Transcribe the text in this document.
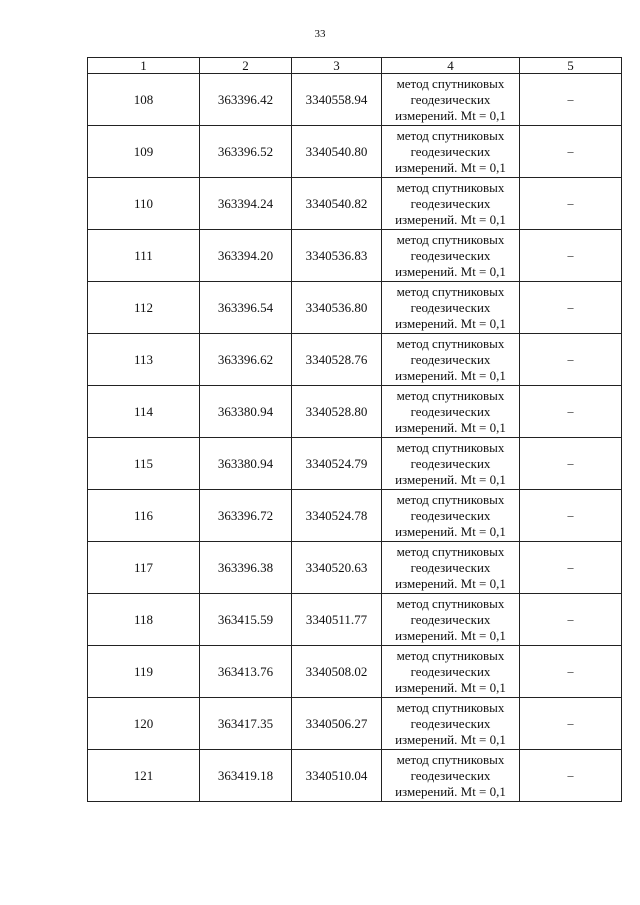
33
1	2	3	4	5
108	363396.42	3340558.94	метод спутниковых
геодезических
измерений. Mt = 0,1	–
109	363396.52	3340540.80	метод спутниковых
геодезических
измерений. Mt = 0,1	–
110	363394.24	3340540.82	метод спутниковых
геодезических
измерений. Mt = 0,1	–
111	363394.20	3340536.83	метод спутниковых
геодезических
измерений. Mt = 0,1	–
112	363396.54	3340536.80	метод спутниковых
геодезических
измерений. Mt = 0,1	–
113	363396.62	3340528.76	метод спутниковых
геодезических
измерений. Mt = 0,1	–
114	363380.94	3340528.80	метод спутниковых
геодезических
измерений. Mt = 0,1	–
115	363380.94	3340524.79	метод спутниковых
геодезических
измерений. Mt = 0,1	–
116	363396.72	3340524.78	метод спутниковых
геодезических
измерений. Mt = 0,1	–
117	363396.38	3340520.63	метод спутниковых
геодезических
измерений. Mt = 0,1	–
118	363415.59	3340511.77	метод спутниковых
геодезических
измерений. Mt = 0,1	–
119	363413.76	3340508.02	метод спутниковых
геодезических
измерений. Mt = 0,1	–
120	363417.35	3340506.27	метод спутниковых
геодезических
измерений. Mt = 0,1	–
121	363419.18	3340510.04	метод спутниковых
геодезических
измерений. Mt = 0,1	–
